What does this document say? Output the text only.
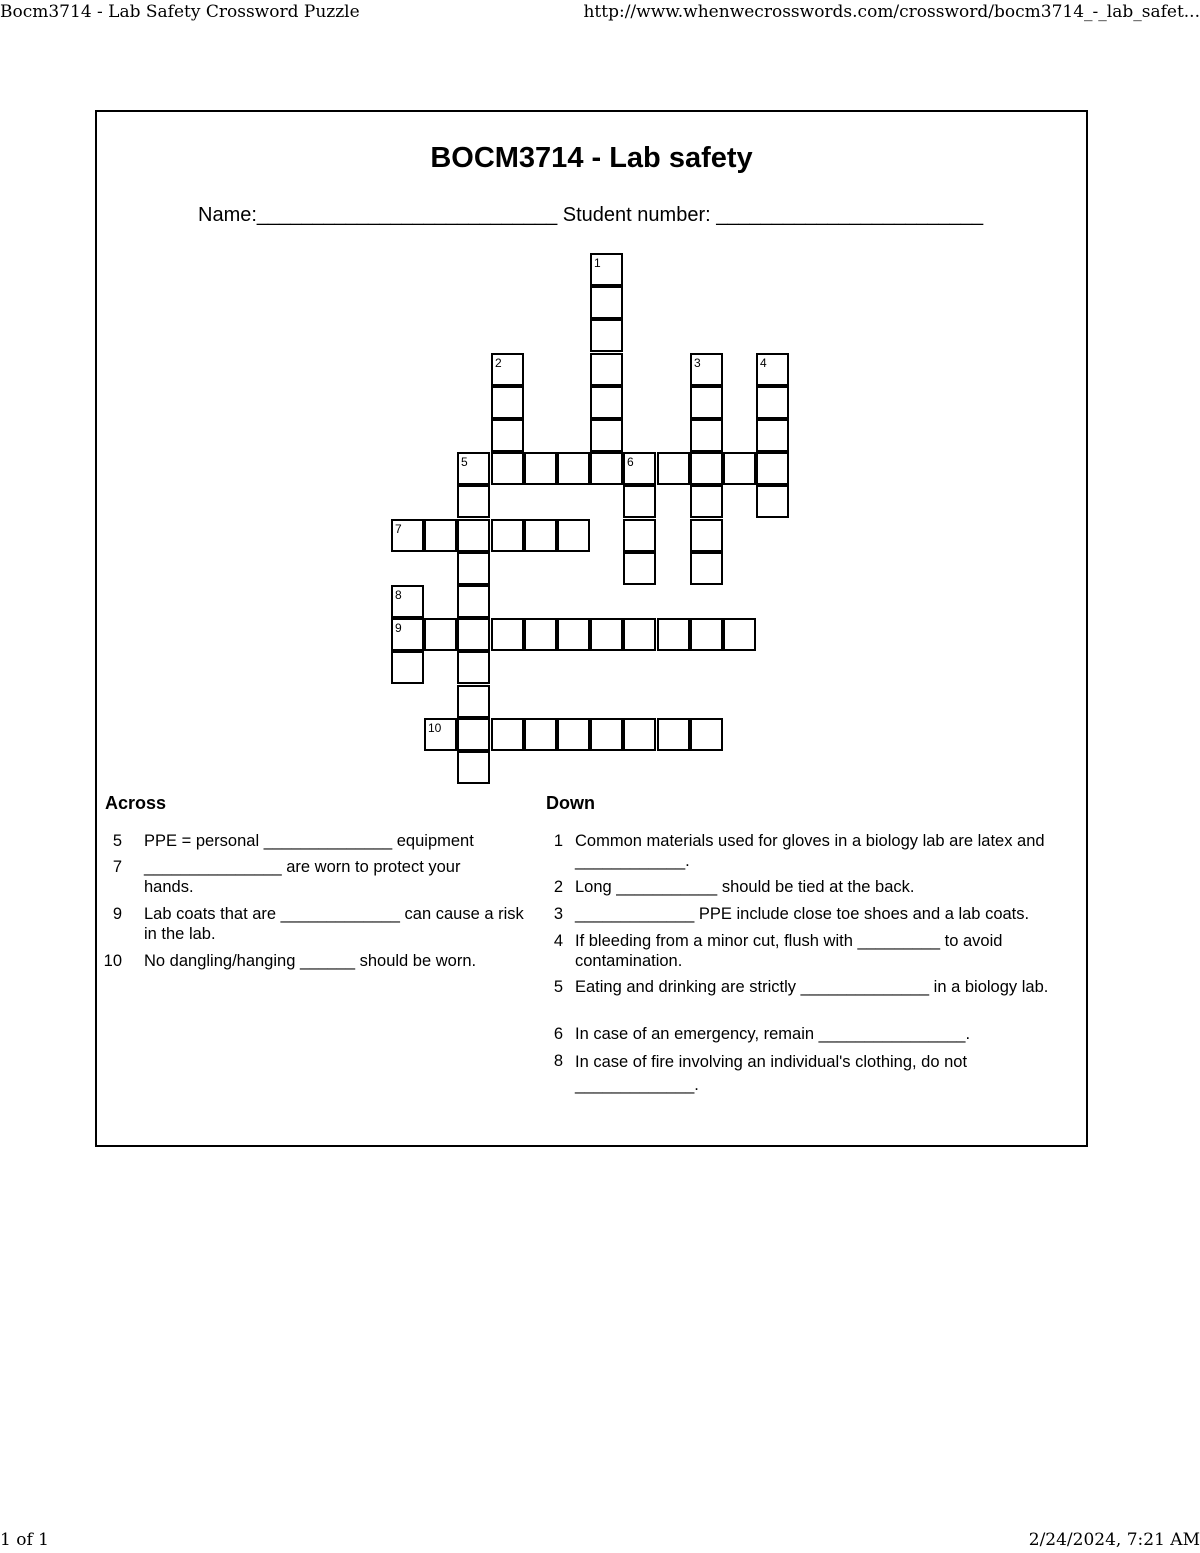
Bocm3714 - Lab Safety Crossword Puzzle	http://www.whenwecrosswords.com/crossword/bocm3714_-_lab_safet...
BOCM3714 - Lab safety
Name:___________________________ Student number: ________________________
5	6
7
9
10
1
2	3	4
8
Across	Down
5 PPE = personal ______________ equipment
7 _______________ are worn to protect your hands.
9 Lab coats that are _____________ can cause a risk in the lab.
10 No dangling/hanging ______ should be worn.
1 Common materials used for gloves in a biology lab are latex and ____________.
2 Long ___________ should be tied at the back.
3 _____________ PPE include close toe shoes and a lab coats.
4 If bleeding from a minor cut, flush with _________ to avoid contamination.
5 Eating and drinking are strictly ______________ in a biology lab.
6 In case of an emergency, remain ________________.
8 In case of fire involving an individual's clothing, do not _____________.
1 of 1	2/24/2024, 7:21 AM
